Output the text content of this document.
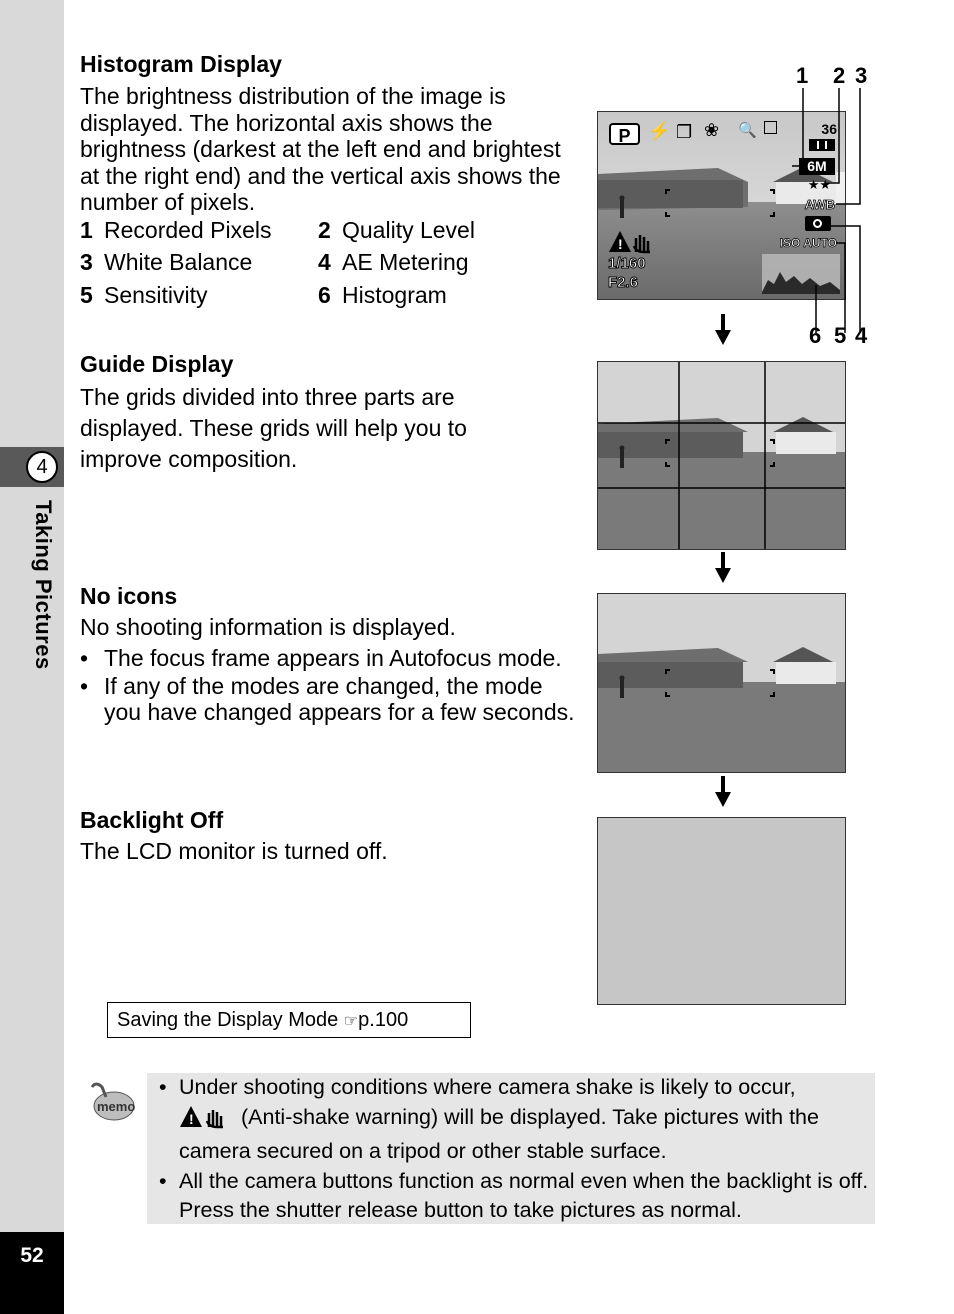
4
Taking Pictures
52
Histogram Display
The brightness distribution of the image is displayed. The horizontal axis shows the brightness (darkest at the left end and brightest at the right end) and the vertical axis shows the number of pixels.
1 Recorded Pixels 2 Quality Level
3 White Balance	4 AE Metering
5 Sensitivity	6 Histogram
1 2 3
6 5 4
P ⚡ ❐ ❀ 🔍	36
6M
★★
AWB
ISO AUTO
!
1/160
F2.6
Guide Display
The grids divided into three parts are displayed. These grids will help you to improve composition.
No icons
No shooting information is displayed.
• The focus frame appears in Autofocus mode.
• If any of the modes are changed, the mode you have changed appears for a few seconds.
Backlight Off
The LCD monitor is turned off.
Saving the Display Mode ☞p.100
memo
• Under shooting conditions where camera shake is likely to occur,

! (Anti-shake warning) will be displayed. Take pictures with the camera secured on a tripod or other stable surface.
• All the camera buttons function as normal even when the backlight is off. Press the shutter release button to take pictures as normal.
